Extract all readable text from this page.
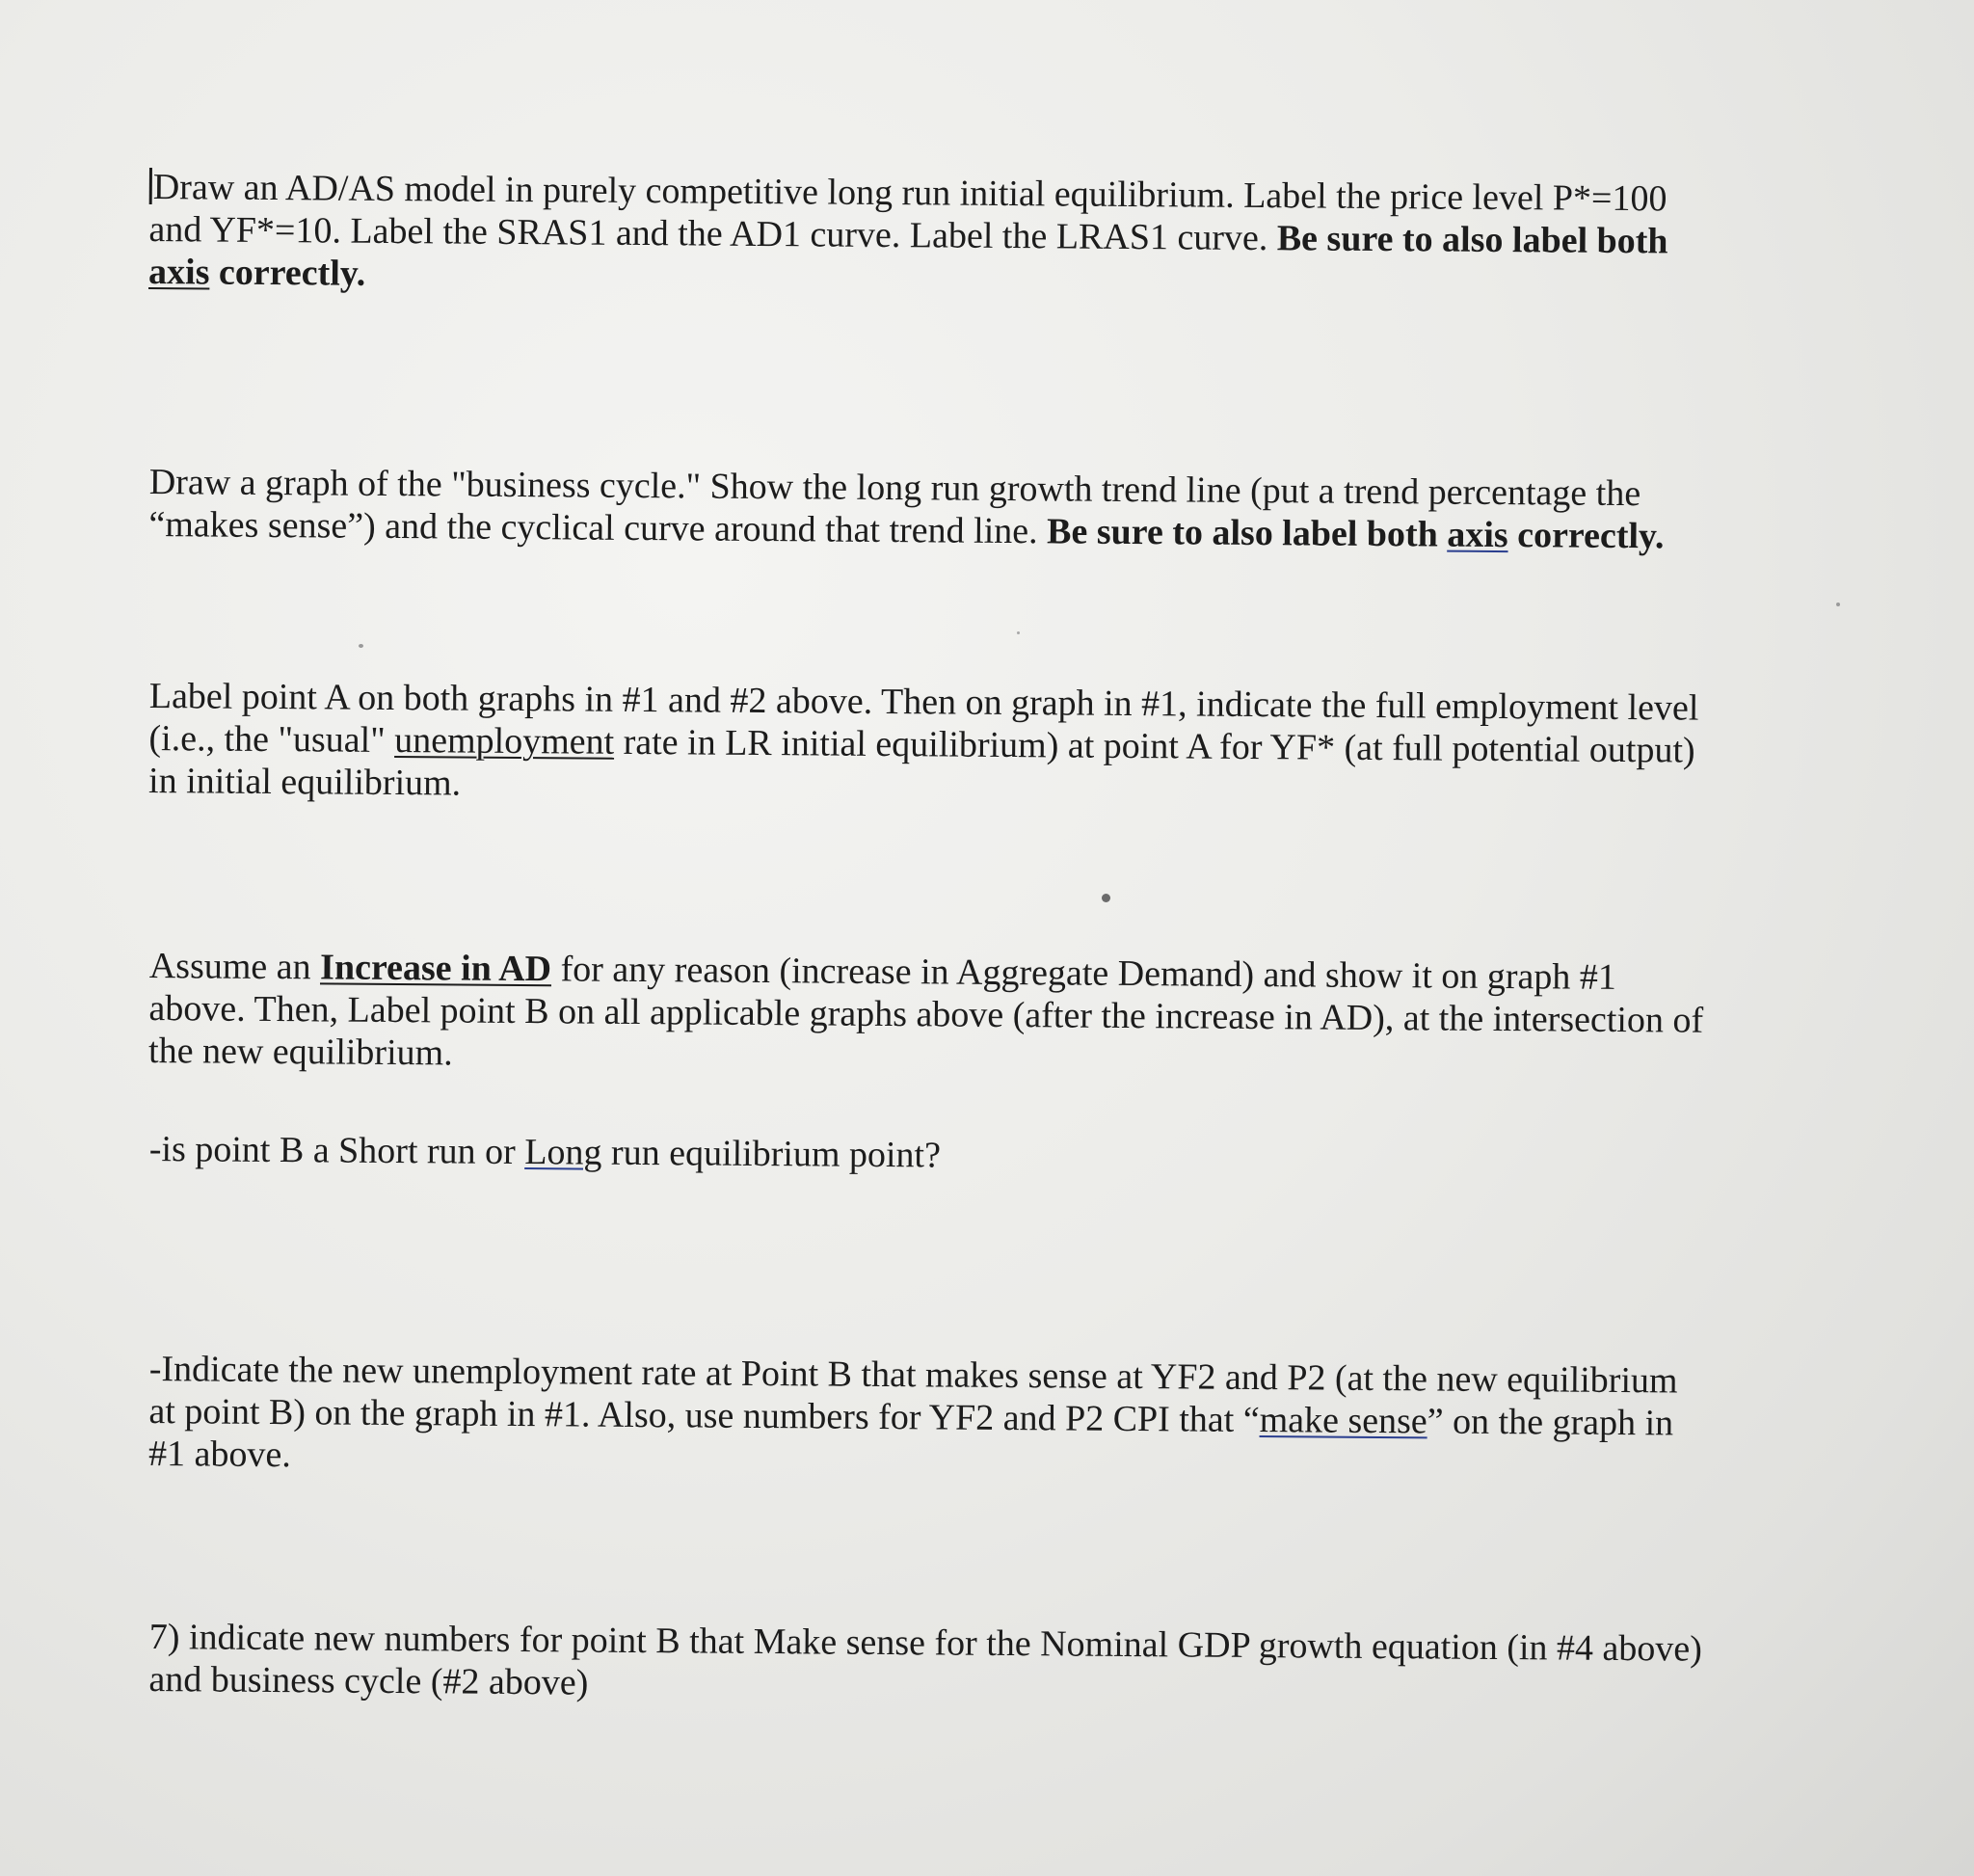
Draw an AD/AS model in purely competitive long run initial equilibrium. Label the price level P*=100
and YF*=10. Label the SRAS1 and the AD1 curve. Label the LRAS1 curve. Be sure to also label both
axis correctly.
Draw a graph of the "business cycle." Show the long run growth trend line (put a trend percentage the
“makes sense”) and the cyclical curve around that trend line. Be sure to also label both axis correctly.
Label point A on both graphs in #1 and #2 above. Then on graph in #1, indicate the full employment level
(i.e., the "usual" unemployment rate in LR initial equilibrium) at point A for YF* (at full potential output)
in initial equilibrium.
Assume an Increase in AD for any reason (increase in Aggregate Demand) and show it on graph #1
above. Then, Label point B on all applicable graphs above (after the increase in AD), at the intersection of
the new equilibrium.
-is point B a Short run or Long run equilibrium point?
-Indicate the new unemployment rate at Point B that makes sense at YF2 and P2 (at the new equilibrium
at point B) on the graph in #1. Also, use numbers for YF2 and P2 CPI that “make sense” on the graph in
#1 above.
7) indicate new numbers for point B that Make sense for the Nominal GDP growth equation (in #4 above)
and business cycle (#2 above)
